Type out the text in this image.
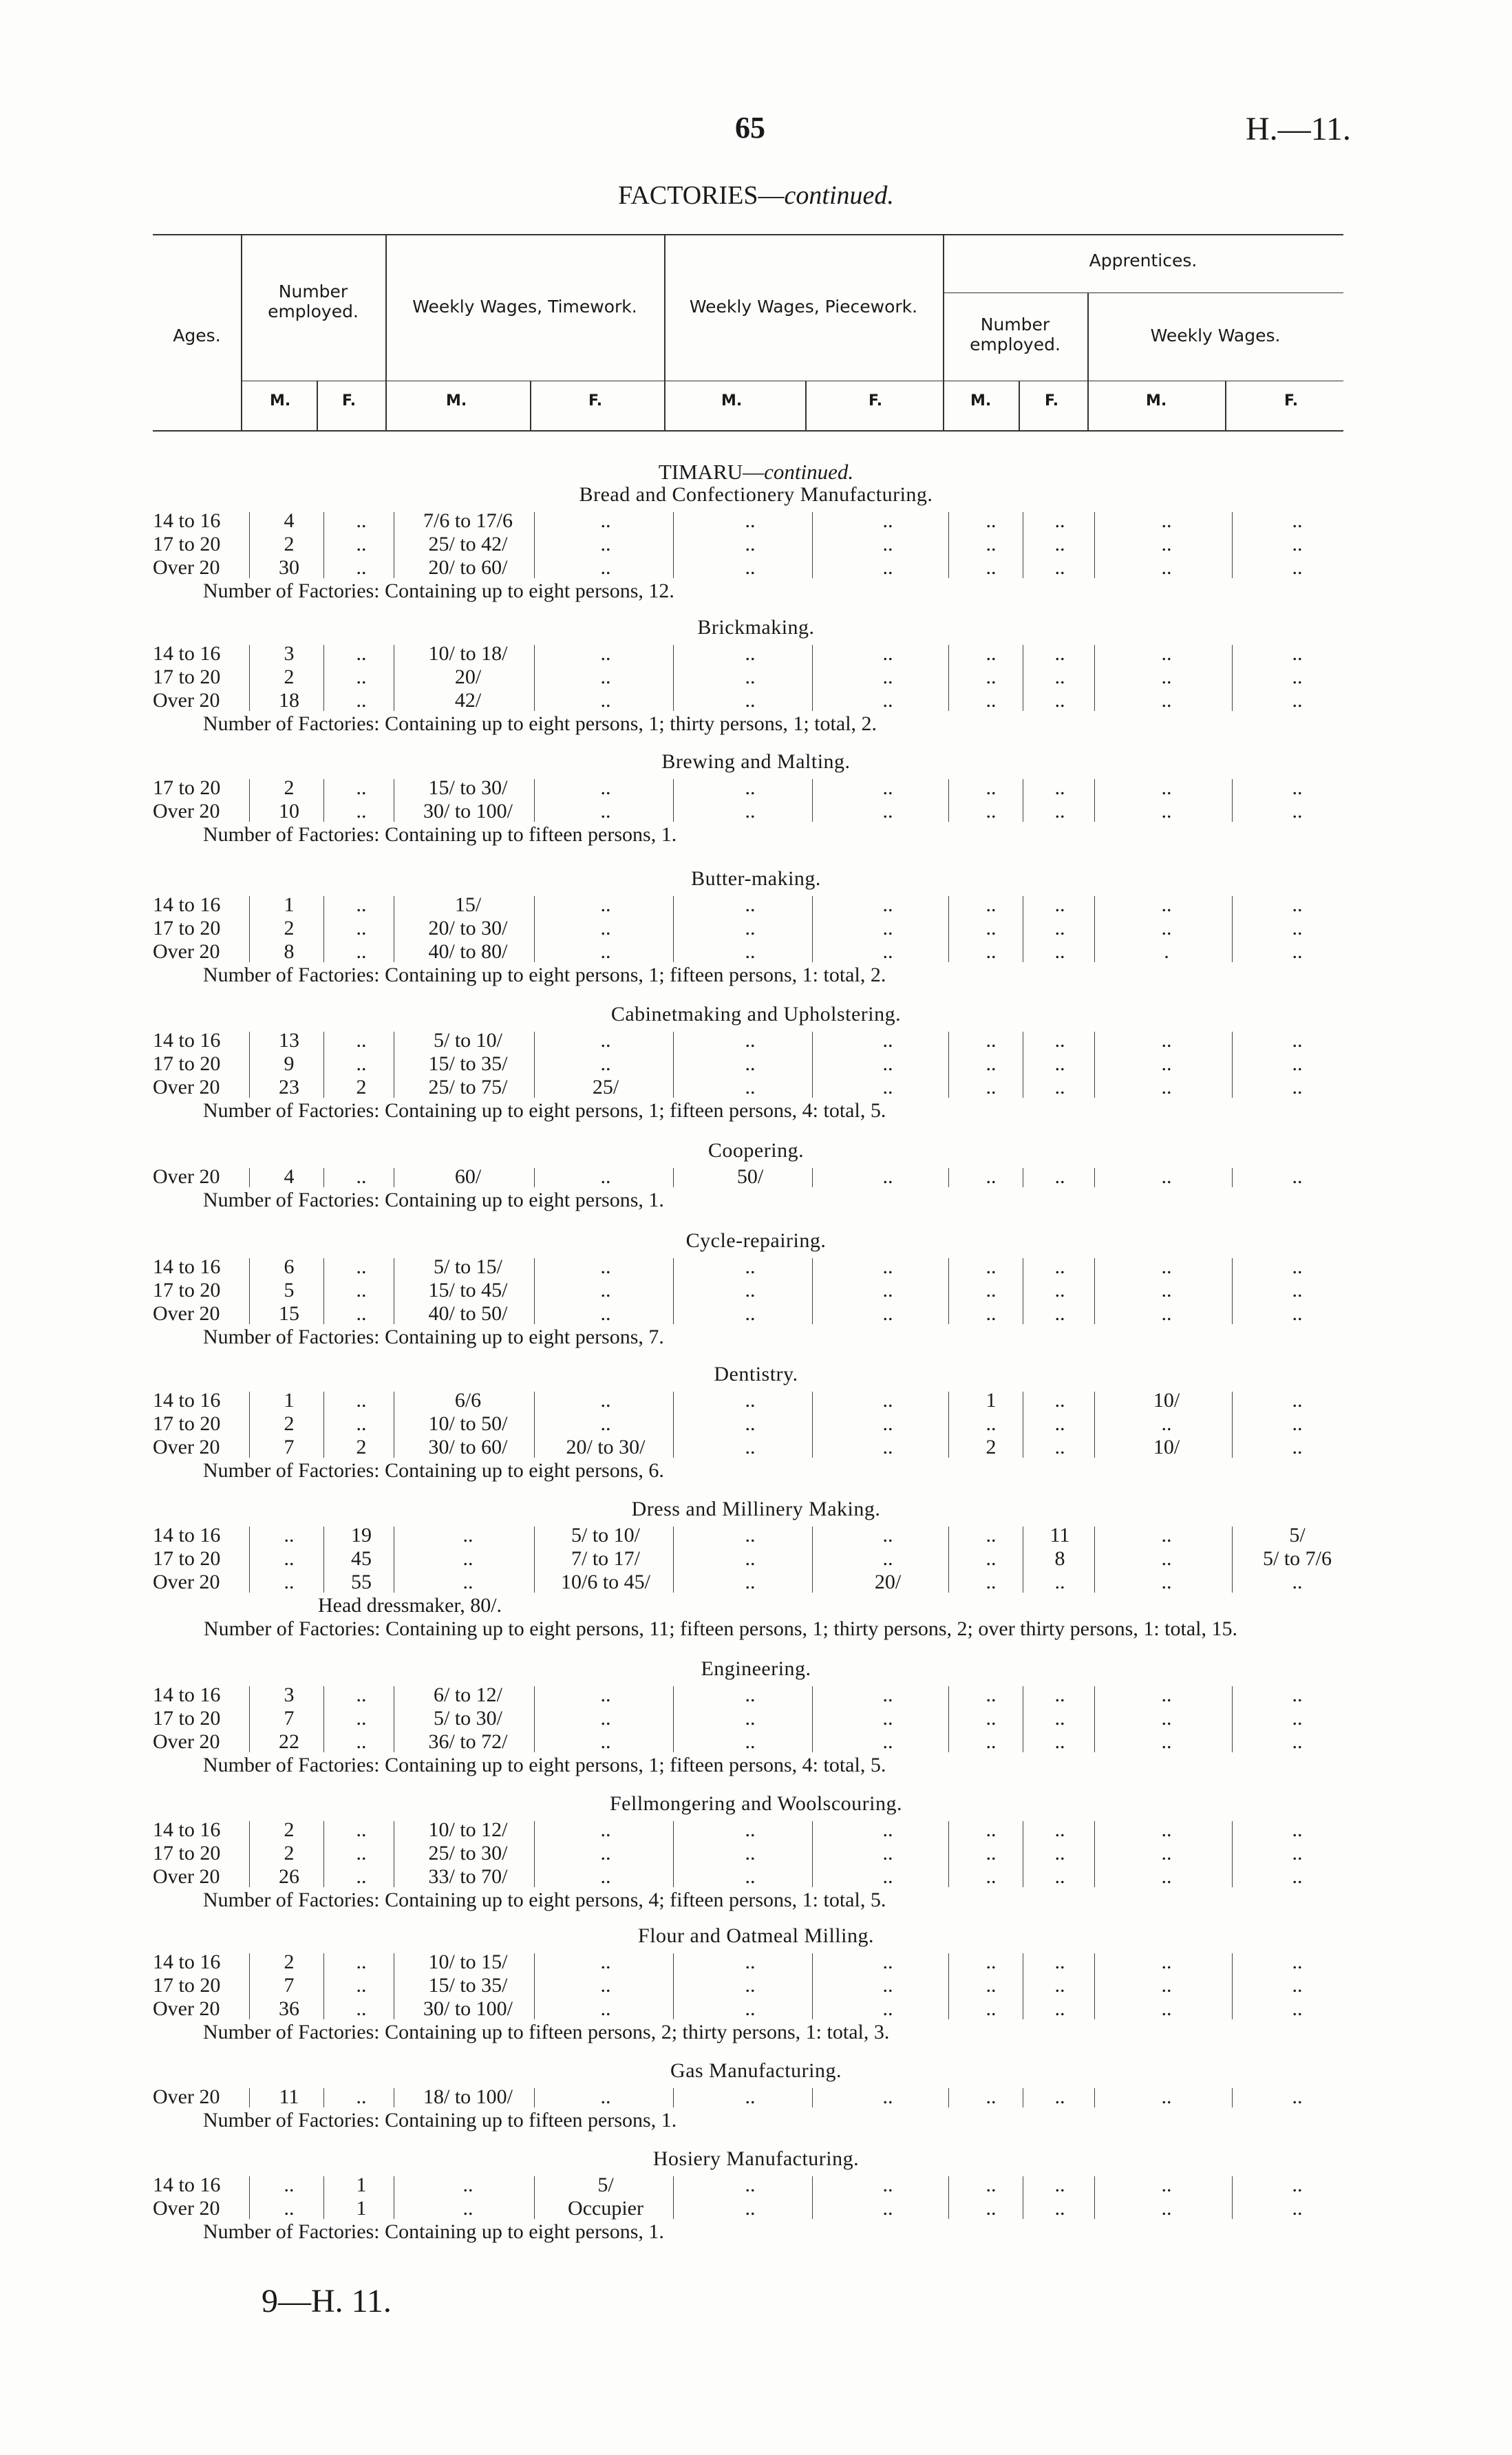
65	H.—11.
FACTORIES—continued.
Ages.
Number employed.	Weekly Wages, Timework.	Weekly Wages, Piecework.
Apprentices.
Number employed.	Weekly Wages.
M.	F.	M.	F.	M.	F.	M.	F.	M.	F.
TIMARU—continued.
Bread and Confectionery Manufacturing.
14 to 16	4	..	7/6 to 17/6	..	..	..	..	..	..	..
17 to 20	2	..	25/ to 42/	..	..	..	..	..	..	..
Over 20	30	..	20/ to 60/	..	..	..	..	..	..	..
Number of Factories: Containing up to eight persons, 12.
Brickmaking.
14 to 16	3	..	10/ to 18/	..	..	..	..	..	..	..
17 to 20	2	..	20/	..	..	..	..	..	..	..
Over 20	18	..	42/	..	..	..	..	..	..	..
Number of Factories: Containing up to eight persons, 1; thirty persons, 1; total, 2.
Brewing and Malting.
17 to 20	2	..	15/ to 30/	..	..	..	..	..	..	..
Over 20	10	..	30/ to 100/	..	..	..	..	..	..	..
Number of Factories: Containing up to fifteen persons, 1.
Butter-making.
14 to 16	1	..	15/	..	..	..	..	..	..	..
17 to 20	2	..	20/ to 30/	..	..	..	..	..	..	..
Over 20	8	..	40/ to 80/	..	..	..	..	..	.	..
Number of Factories: Containing up to eight persons, 1; fifteen persons, 1: total, 2.
Cabinetmaking and Upholstering.
14 to 16	13	..	5/ to 10/	..	..	..	..	..	..	..
17 to 20	9	..	15/ to 35/	..	..	..	..	..	..	..
Over 20	23	2	25/ to 75/	25/	..	..	..	..	..	..
Number of Factories: Containing up to eight persons, 1; fifteen persons, 4: total, 5.
Coopering.
Over 20	4	..	60/	..	50/	..	..	..	..	..
Number of Factories: Containing up to eight persons, 1.
Cycle-repairing.
14 to 16	6	..	5/ to 15/	..	..	..	..	..	..	..
17 to 20	5	..	15/ to 45/	..	..	..	..	..	..	..
Over 20	15	..	40/ to 50/	..	..	..	..	..	..	..
Number of Factories: Containing up to eight persons, 7.
Dentistry.
14 to 16	1	..	6/6	..	..	..	1	..	10/	..
17 to 20	2	..	10/ to 50/	..	..	..	..	..	..	..
Over 20	7	2	30/ to 60/	20/ to 30/	..	..	2	..	10/	..
Number of Factories: Containing up to eight persons, 6.
Dress and Millinery Making.
14 to 16	..	19	..	5/ to 10/	..	..	..	11	..	5/
17 to 20	..	45	..	7/ to 17/	..	..	..	8	..	5/ to 7/6
Over 20	..	55	..	10/6 to 45/	..	20/	..	..	..	..
Head dressmaker, 80/.
Number of Factories: Containing up to eight persons, 11; fifteen persons, 1; thirty persons, 2; over thirty persons, 1: total, 15.
Engineering.
14 to 16	3	..	6/ to 12/	..	..	..	..	..	..	..
17 to 20	7	..	5/ to 30/	..	..	..	..	..	..	..
Over 20	22	..	36/ to 72/	..	..	..	..	..	..	..
Number of Factories: Containing up to eight persons, 1; fifteen persons, 4: total, 5.
Fellmongering and Woolscouring.
14 to 16	2	..	10/ to 12/	..	..	..	..	..	..	..
17 to 20	2	..	25/ to 30/	..	..	..	..	..	..	..
Over 20	26	..	33/ to 70/	..	..	..	..	..	..	..
Number of Factories: Containing up to eight persons, 4; fifteen persons, 1: total, 5.
Flour and Oatmeal Milling.
14 to 16	2	..	10/ to 15/	..	..	..	..	..	..	..
17 to 20	7	..	15/ to 35/	..	..	..	..	..	..	..
Over 20	36	..	30/ to 100/	..	..	..	..	..	..	..
Number of Factories: Containing up to fifteen persons, 2; thirty persons, 1: total, 3.
Gas Manufacturing.
Over 20	11	..	18/ to 100/	..	..	..	..	..	..	..
Number of Factories: Containing up to fifteen persons, 1.
Hosiery Manufacturing.
14 to 16	..	1	..	5/	..	..	..	..	..	..
Over 20	..	1	..	Occupier	..	..	..	..	..	..
Number of Factories: Containing up to eight persons, 1.
9—H. 11.
